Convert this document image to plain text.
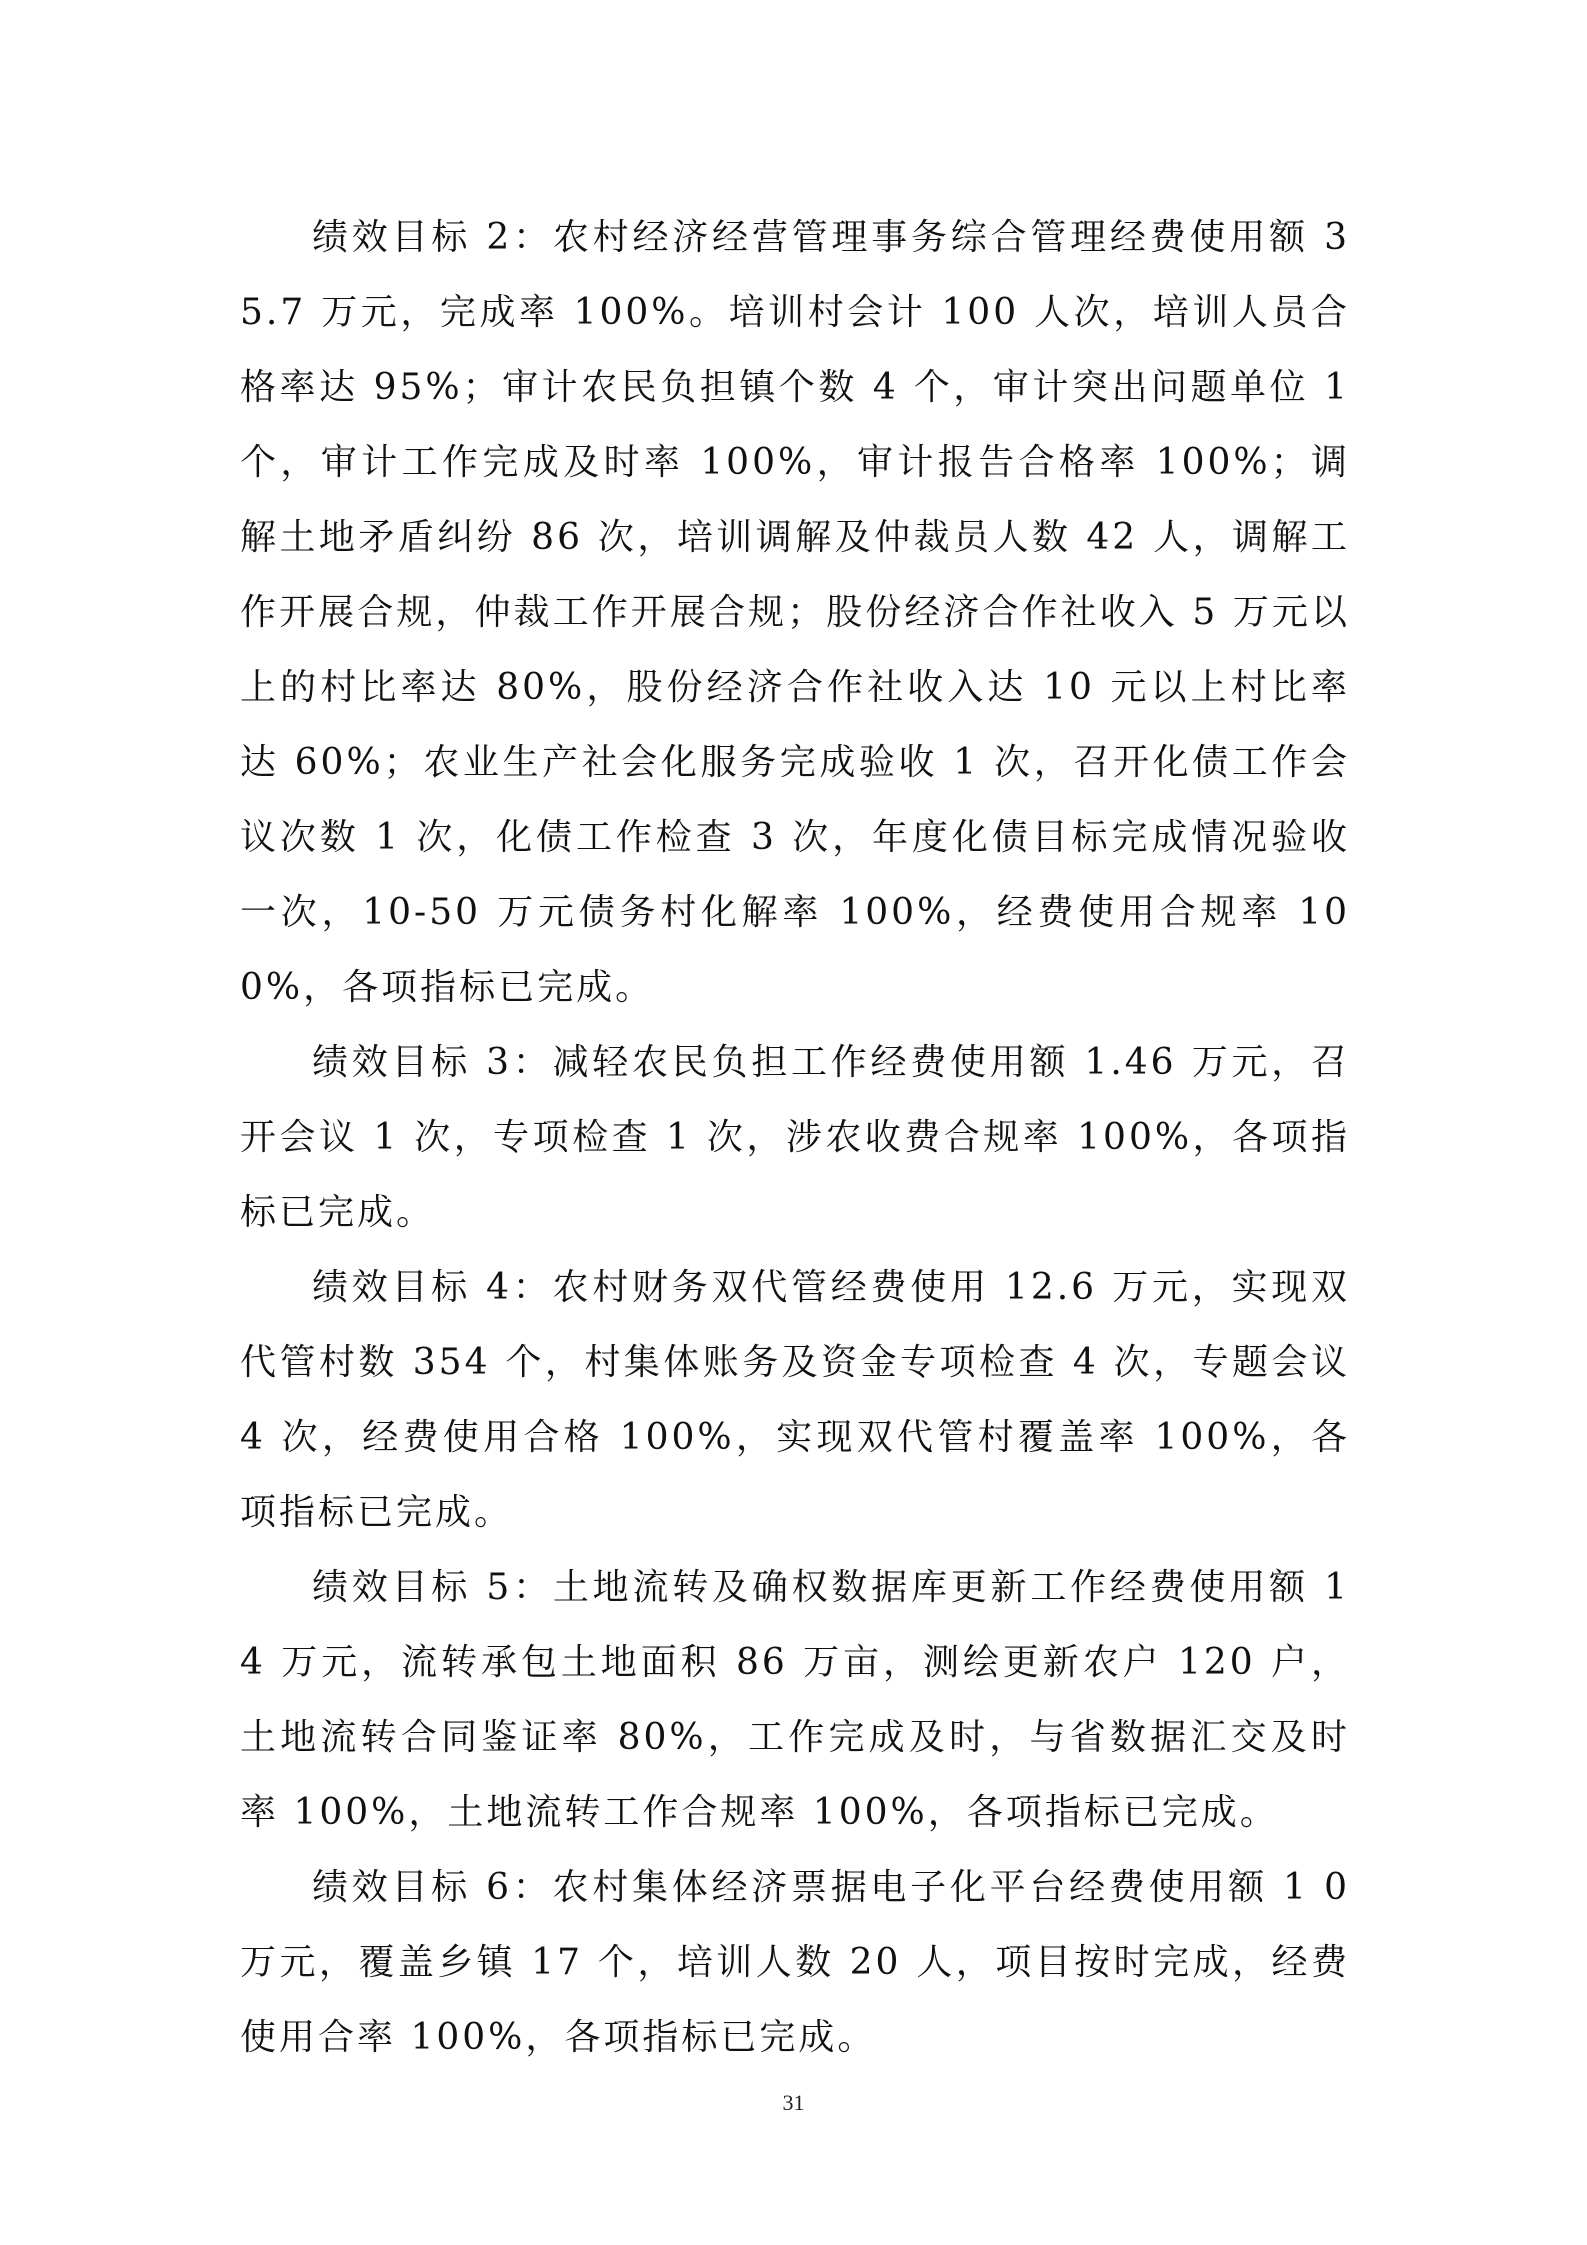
绩效目标 2：农村经济经营管理事务综合管理经费使用额 35.7 万元，完成率 100%。培训村会计 100 人次，培训人员合格率达 95%；审计农民负担镇个数 4 个，审计突出问题单位 1 个，审计工作完成及时率 100%，审计报告合格率 100%；调解土地矛盾纠纷 86 次，培训调解及仲裁员人数 42 人，调解工作开展合规，仲裁工作开展合规；股份经济合作社收入 5 万元以上的村比率达 80%，股份经济合作社收入达 10 元以上村比率达 60%；农业生产社会化服务完成验收 1 次，召开化债工作会议次数 1 次，化债工作检查 3 次，年度化债目标完成情况验收一次，10-50 万元债务村化解率 100%，经费使用合规率 100%，各项指标已完成。

绩效目标 3：减轻农民负担工作经费使用额 1.46 万元，召开会议 1 次，专项检查 1 次，涉农收费合规率 100%，各项指标已完成。

绩效目标 4：农村财务双代管经费使用 12.6 万元，实现双代管村数 354 个，村集体账务及资金专项检查 4 次，专题会议 4 次，经费使用合格 100%，实现双代管村覆盖率 100%，各项指标已完成。

绩效目标 5：土地流转及确权数据库更新工作经费使用额 14 万元，流转承包土地面积 86 万亩，测绘更新农户 120 户，土地流转合同鉴证率 80%，工作完成及时，与省数据汇交及时率 100%，土地流转工作合规率 100%，各项指标已完成。

绩效目标 6：农村集体经济票据电子化平台经费使用额 1 0 万元，覆盖乡镇 17 个，培训人数 20 人，项目按时完成，经费使用合率 100%，各项指标已完成。

31
